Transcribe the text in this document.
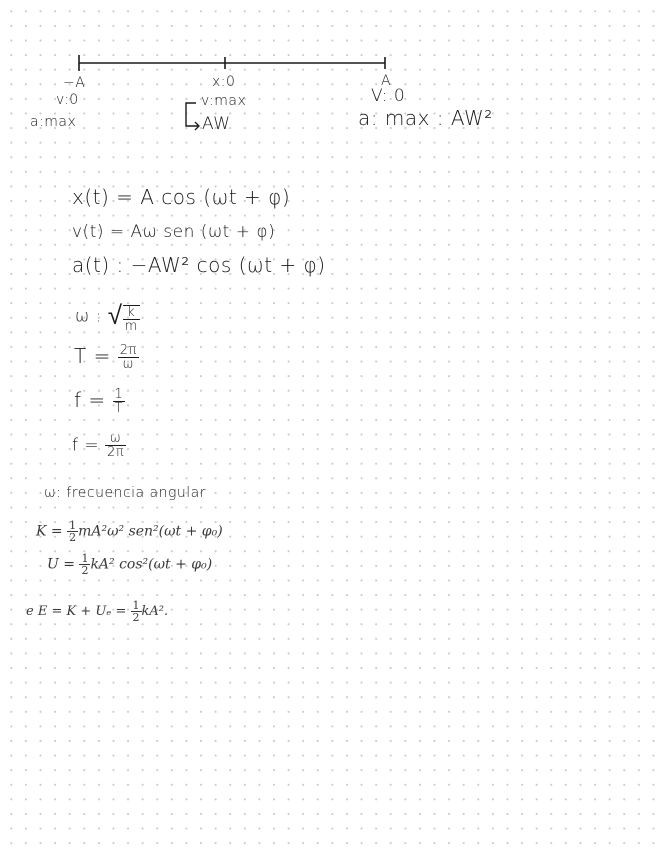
−A
v:0
a:max
x:0
v:max
AW
A
V: 0
a: max : AW²
x(t) = A cos (ωt + φ)
v(t) = Aω sen (ωt + φ)
a(t) : −AW² cos (ωt + φ)
ω : √ $\frac{k}{m}$
$T = \frac{2\pi}{\omega}$
$f = \frac{1}{T}$
$f = \frac{\omega}{2\pi}$
ω: frecuencia angular
$K = \frac{1}{2} mA^2\omega^2$ sen²(ωt + φ₀)
$U = \frac{1}{2} kA^2$ cos²(ωt + φ₀)
e $E = K + U_e = \frac{1}{2} kA^2$.
